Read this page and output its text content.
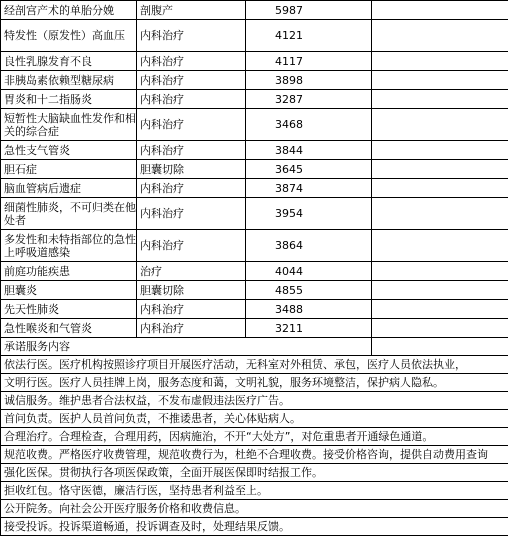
经剖宫产术的单胎分娩	剖腹产	5987	
特发性（原发性）高血压	内科治疗	4121	
良性乳腺发育不良	内科治疗	4117	
非胰岛素依赖型糖尿病	内科治疗	3898	
胃炎和十二指肠炎	内科治疗	3287	
短暂性大脑缺血性发作和相关的综合症	内科治疗	3468	
急性支气管炎	内科治疗	3844	
胆石症	胆囊切除	3645	
脑血管病后遗症	内科治疗	3874	
细菌性肺炎，不可归类在他处者	内科治疗	3954	
多发性和未特指部位的急性上呼吸道感染	内科治疗	3864	
前庭功能疾患	治疗	4044	
胆囊炎	胆囊切除	4855	
先天性肺炎	内科治疗	3488	
急性喉炎和气管炎	内科治疗	3211	
承诺服务内容			
依法行医。医疗机构按照诊疗项目开展医疗活动，无科室对外租赁、承包，医疗人员依法执业，			
文明行医。医疗人员挂牌上岗，服务态度和蔼，文明礼貌，服务环境整洁，保护病人隐私。			
诚信服务。维护患者合法权益，不发布虚假违法医疗广告。			
首问负责。医护人员首问负责，不推诿患者，关心体贴病人。			
合理治疗。合理检查，合理用药，因病施治，不开“大处方”，对危重患者开通绿色通道。			
规范收费。严格医疗收费管理，规范收费行为，杜绝不合理收费。接受价格咨询，提供自动费用查询			
强化医保。贯彻执行各项医保政策，全面开展医保即时结报工作。			
拒收红包。恪守医德，廉洁行医，坚持患者利益至上。			
公开院务。向社会公开医疗服务价格和收费信息。			
接受投诉。投诉渠道畅通，投诉调查及时，处理结果反馈。			
